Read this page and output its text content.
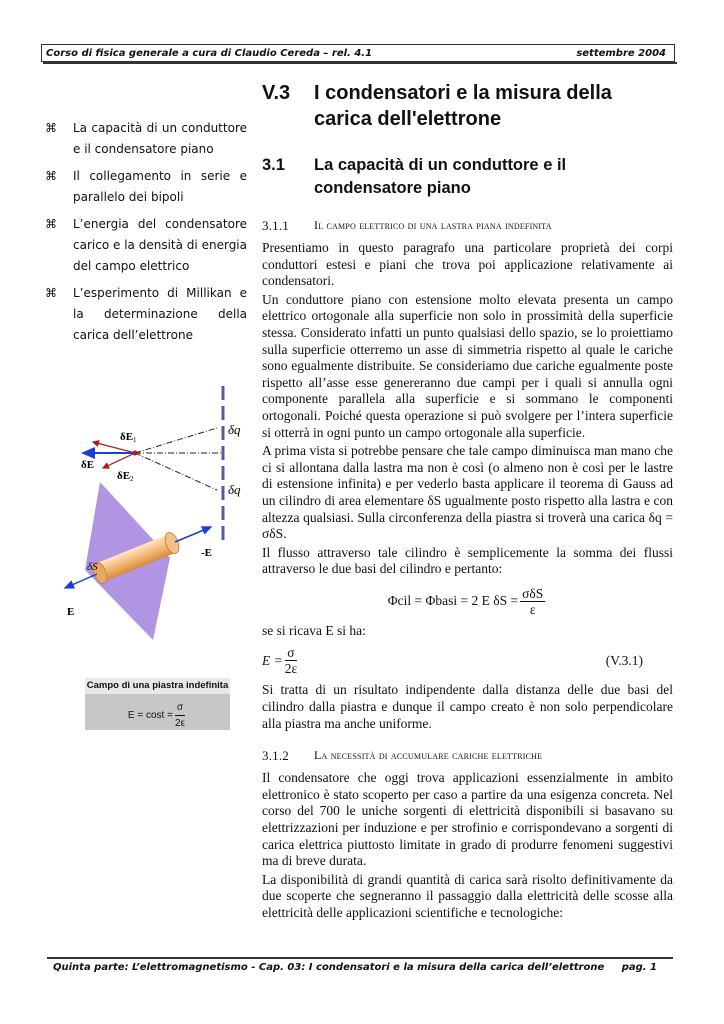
Corso di fisica generale a cura di Claudio Cereda – rel. 4.1	settembre 2004
⌘	La capacità di un conduttore e il condensatore piano
⌘	Il collegamento in serie e parallelo dei bipoli
⌘	L’energia del condensatore carico e la densità di energia del campo elettrico
⌘	L’esperimento di Millikan e la determinazione della carica dell’elettrone
δE1
δE
δE2
δq
δq
-E
δS
E
Campo di una piastra indefinita
$E = \cos t = \frac{\sigma}{2\varepsilon}$
V.3	I condensatori e la misura della carica dell'elettrone
3.1	La capacità di un conduttore e il condensatore piano
3.1.1	Il campo elettrico di una lastra piana indefinita

Presentiamo in questo paragrafo una particolare proprietà dei corpi conduttori estesi e piani che trova poi applicazione relativamente ai condensatori.

Un conduttore piano con estensione molto elevata presenta un campo elettrico ortogonale alla superficie non solo in prossimità della superficie stessa. Considerato infatti un punto qualsiasi dello spazio, se lo proiettiamo sulla superficie otterremo un asse di simmetria rispetto al quale le cariche sono egualmente distribuite. Se consideriamo due cariche egualmente poste rispetto all’asse esse genereranno due campi per i quali si annulla ogni componente parallela alla superficie e si sommano le componenti ortogonali. Poiché questa operazione si può svolgere per l’intera superficie si otterrà in ogni punto un campo ortogonale alla superficie.

A prima vista si potrebbe pensare che tale campo diminuisca man mano che ci si allontana dalla lastra ma non è così (o almeno non è così per le lastre di estensione infinita) e per vederlo basta applicare il teorema di Gauss ad un cilindro di area elementare δS ugualmente posto rispetto alla lastra e con altezza qualsiasi. Sulla circonferenza della piastra si troverà una carica δq = σδS.

Il flusso attraverso tale cilindro è semplicemente la somma dei flussi attraverso le due basi del cilindro e pertanto:

Φcil = Φbasi = 2 E $\delta S = \frac{\text{σδS}}{\varepsilon}$

se si ricava E si ha:

$E = \frac{\sigma}{2\varepsilon}$	(V.3.1)

Si tratta di un risultato indipendente dalla distanza delle due basi del cilindro dalla piastra e dunque il campo creato è non solo perpendicolare alla piastra ma anche uniforme.

3.1.2	La necessità di accumulare cariche elettriche

Il condensatore che oggi trova applicazioni essenzialmente in ambito elettronico è stato scoperto per caso a partire da una esigenza concreta. Nel corso del 700 le uniche sorgenti di elettricità disponibili si basavano su elettrizzazioni per induzione e per strofinio e corrispondevano a sorgenti di carica elettrica piuttosto limitate in grado di produrre fenomeni suggestivi ma di breve durata.

La disponibilità di grandi quantità di carica sarà risolto definitivamente da due scoperte che segneranno il passaggio dalla elettricità delle scosse alla elettricità delle applicazioni scientifiche e tecnologiche:

Quinta parte: L’elettromagnetismo - Cap. 03: I condensatori e la misura della carica dell’elettrone pag. 1
